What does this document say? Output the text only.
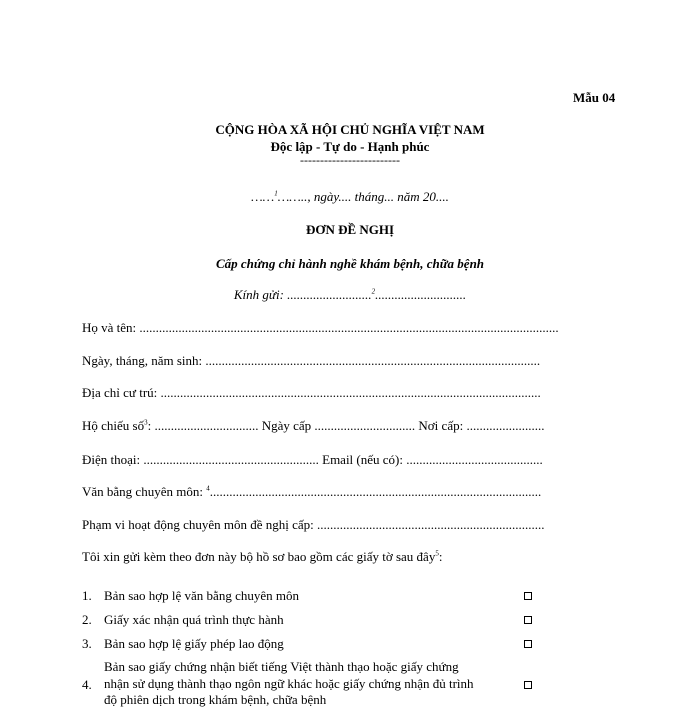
Mẫu 04
CỘNG HÒA XÃ HỘI CHỦ NGHĨA VIỆT NAM
Độc lập - Tự do - Hạnh phúc
-------------------------
……$^1$…….., ngày.... tháng... năm 20....
ĐƠN ĐỀ NGHỊ
Cấp chứng chỉ hành nghề khám bệnh, chữa bệnh
Kính gửi: ..........................$^2$............................
Họ và tên: .................................................................................................................................
Ngày, tháng, năm sinh: .......................................................................................................
Địa chỉ cư trú: .....................................................................................................................
Hộ chiếu số$^3$: ................................ Ngày cấp ............................... Nơi cấp: ........................
Điện thoại: ...................................................... Email (nếu có): ..........................................
Văn bằng chuyên môn: $^4$......................................................................................................
Phạm vi hoạt động chuyên môn đề nghị cấp: ......................................................................
Tôi xin gửi kèm theo đơn này bộ hồ sơ bao gồm các giấy tờ sau đây$^5$:
1. Bản sao hợp lệ văn bằng chuyên môn
2. Giấy xác nhận quá trình thực hành
3. Bản sao hợp lệ giấy phép lao động
Bản sao giấy chứng nhận biết tiếng Việt thành thạo hoặc giấy chứng
4. nhận sử dụng thành thạo ngôn ngữ khác hoặc giấy chứng nhận đủ trình
độ phiên dịch trong khám bệnh, chữa bệnh
